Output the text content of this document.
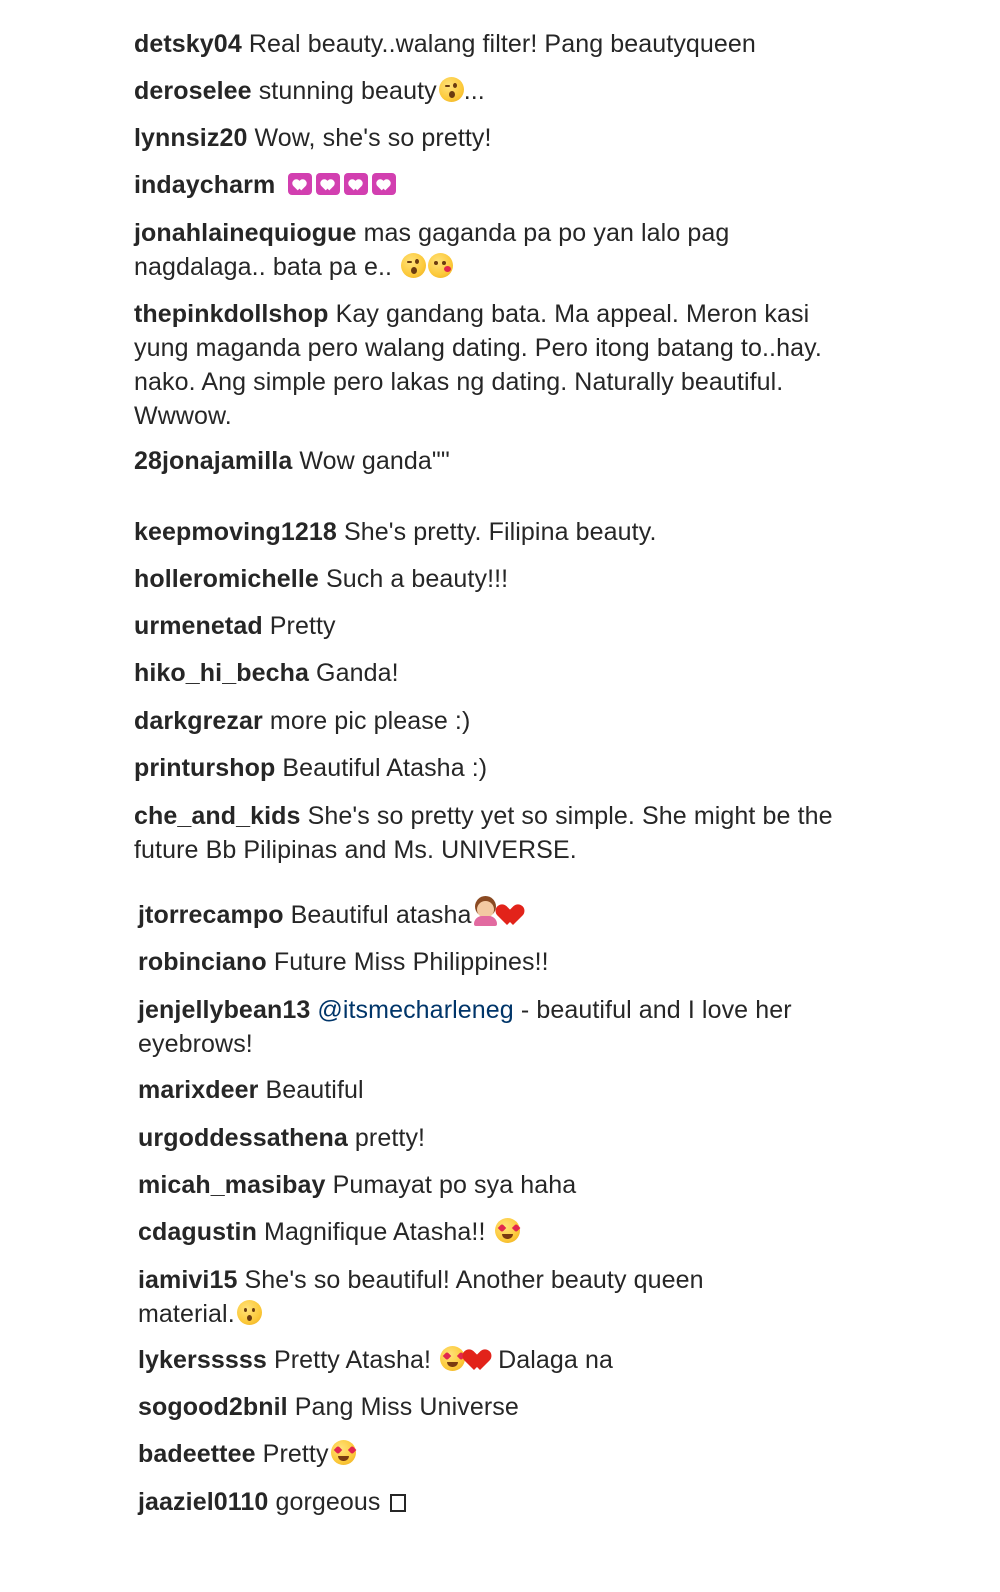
detsky04 Real beauty..walang filter! Pang beautyqueen
deroselee stunning beauty ...
lynnsiz20 Wow, she's so pretty!
indaycharm
jonahlainequiogue mas gaganda pa po yan lalo pag nagdalaga.. bata pa e..
thepinkdollshop Kay gandang bata. Ma appeal. Meron kasi yung maganda pero walang dating. Pero itong batang to..hay. nako. Ang simple pero lakas ng dating. Naturally beautiful. Wwwow.
28jonajamilla Wow ganda""
keepmoving1218 She's pretty. Filipina beauty.
holleromichelle Such a beauty!!!
urmenetad Pretty
hiko_hi_becha Ganda!
darkgrezar more pic please :)
printurshop Beautiful Atasha :)
che_and_kids She's so pretty yet so simple. She might be the future Bb Pilipinas and Ms. UNIVERSE.
jtorrecampo Beautiful atasha
robinciano Future Miss Philippines!!
jenjellybean13 @itsmecharleneg - beautiful and I love her eyebrows!
marixdeer Beautiful
urgoddessathena pretty!
micah_masibay Pumayat po sya haha
cdagustin Magnifique Atasha!!
iamivi15 She's so beautiful! Another beauty queen material.
lykersssss Pretty Atasha!	Dalaga na
sogood2bnil Pang Miss Universe
badeettee Pretty
jaaziel0110 gorgeous
